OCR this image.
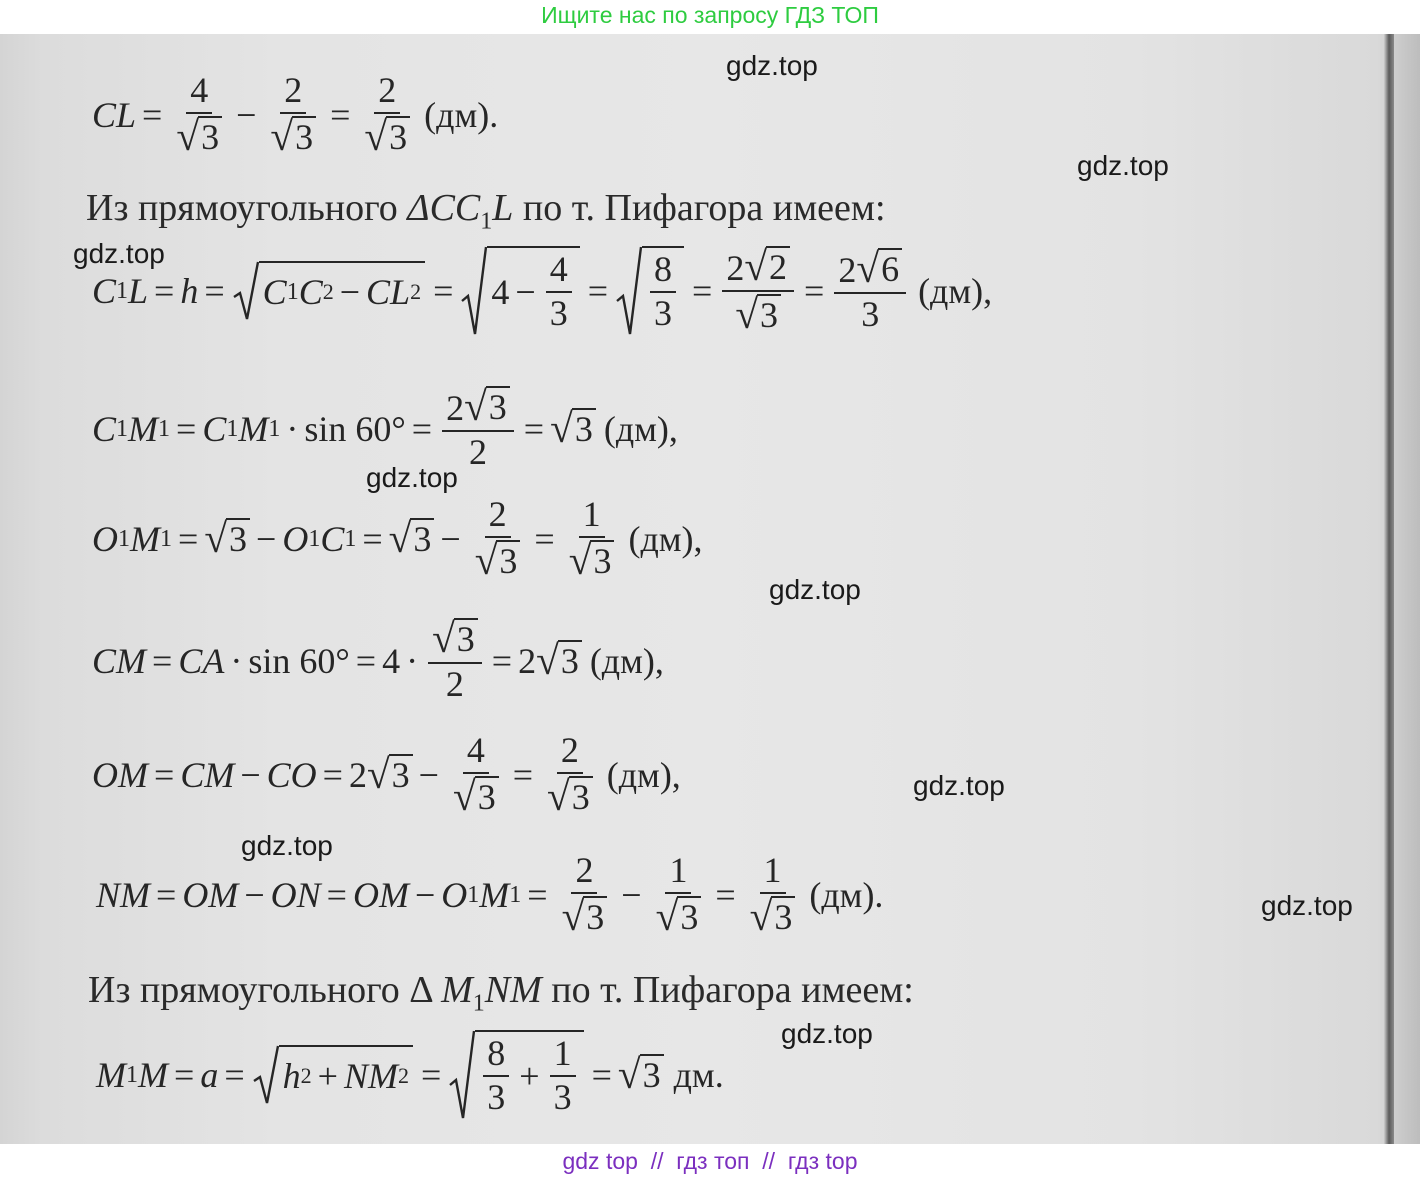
Ищите нас по запросу ГДЗ ТОП
CL = $\frac{4}{√ 3} - \frac{2}{√ 3} = \frac{2}{√ 3} (дм)$.
Из прямоугольного $\Delta CC_1L$ по т. Пифагора имеем:
C 1 L = h = C 1 C 2 − CL $2 = 4 - \frac{4}{3} = \frac{8}{3} = \frac{2 √ 2}{√ 3} = \frac{2 √ 6}{3} (дм)$,
C 1 M 1 = C 1 M $1 \cdot \sin 60^\circ = \frac{2 √ 3}{2}$ = √ 3 (дм),
O 1 M 1 = √ 3 − O 1 C 1 = √ $3 - \frac{2}{√ 3} = \frac{1}{√ 3} (дм)$,
CM = CA · $\sin 60^\circ = 4 \cdot \frac{√ 3}{2} = 2$ √ 3 (дм),
OM = CM − CO = 2 √ $3 - \frac{4}{√ 3} = \frac{2}{√ 3} (дм)$,
NM = OM − ON = OM − O 1 M $1 = \frac{2}{√ 3} - \frac{1}{√ 3} = \frac{1}{√ 3} (дм)$.
Из прямоугольного Δ $M_1NM$ по т. Пифагора имеем:
M 1 M = a = h 2 + NM $2 = \frac{8}{3} + \frac{1}{3}$ = √ 3 дм.
gdz.top
gdz.top
gdz.top
gdz.top
gdz.top
gdz.top
gdz.top
gdz.top
gdz.top
gdz top  //  гдз топ  //  гдз top
